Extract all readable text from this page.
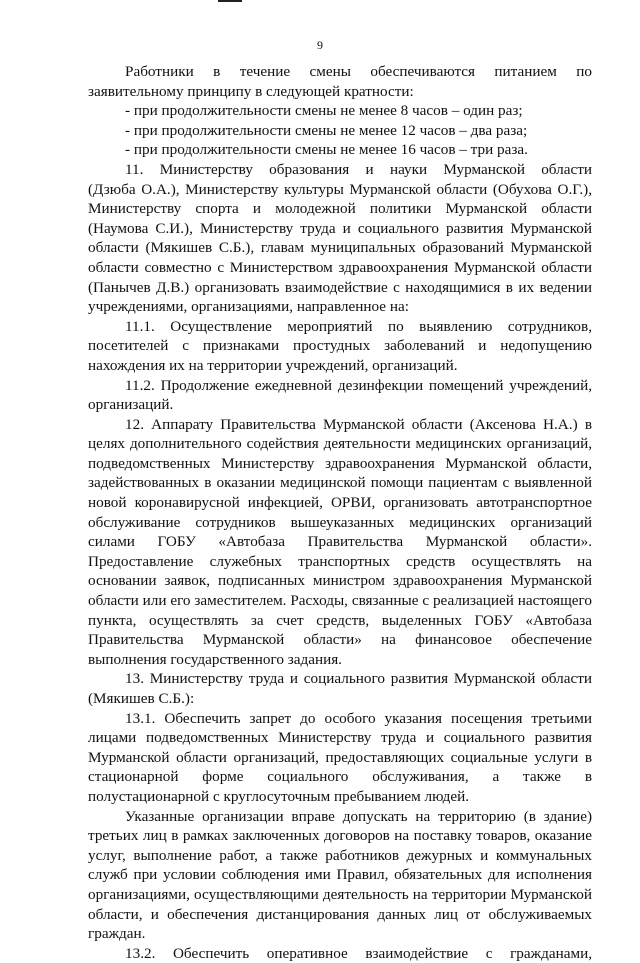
9
Работники в течение смены обеспечиваются питанием по
заявительному принципу в следующей кратности:
- при продолжительности смены не менее 8 часов – один раз;
- при продолжительности смены не менее 12 часов – два раза;
- при продолжительности смены не менее 16 часов – три раза.
11. Министерству образования и науки Мурманской области
(Дзюба О.А.), Министерству культуры Мурманской области (Обухова О.Г.),
Министерству спорта и молодежной политики Мурманской области
(Наумова С.И.), Министерству труда и социального развития Мурманской
области (Мякишев С.Б.), главам муниципальных образований Мурманской
области совместно с Министерством здравоохранения Мурманской области
(Панычев Д.В.) организовать взаимодействие с находящимися в их ведении
учреждениями, организациями, направленное на:
11.1. Осуществление мероприятий по выявлению сотрудников,
посетителей с признаками простудных заболеваний и недопущению
нахождения их на территории учреждений, организаций.
11.2. Продолжение ежедневной дезинфекции помещений учреждений,
организаций.
12. Аппарату Правительства Мурманской области (Аксенова Н.А.) в
целях дополнительного содействия деятельности медицинских организаций,
подведомственных Министерству здравоохранения Мурманской области,
задействованных в оказании медицинской помощи пациентам с выявленной
новой коронавирусной инфекцией, ОРВИ, организовать автотранспортное
обслуживание сотрудников вышеуказанных медицинских организаций
силами ГОБУ «Автобаза Правительства Мурманской области».
Предоставление служебных транспортных средств осуществлять на
основании заявок, подписанных министром здравоохранения Мурманской
области или его заместителем. Расходы, связанные с реализацией настоящего
пункта, осуществлять за счет средств, выделенных ГОБУ «Автобаза
Правительства Мурманской области» на финансовое обеспечение
выполнения государственного задания.
13. Министерству труда и социального развития Мурманской области
(Мякишев С.Б.):
13.1. Обеспечить запрет до особого указания посещения третьими
лицами подведомственных Министерству труда и социального развития
Мурманской области организаций, предоставляющих социальные услуги в
стационарной форме социального обслуживания, а также в
полустационарной с круглосуточным пребыванием людей.
Указанные организации вправе допускать на территорию (в здание)
третьих лиц в рамках заключенных договоров на поставку товаров, оказание
услуг, выполнение работ, а также работников дежурных и коммунальных
служб при условии соблюдения ими Правил, обязательных для исполнения
организациями, осуществляющими деятельность на территории Мурманской
области, и обеспечения дистанцирования данных лиц от обслуживаемых
граждан.
13.2. Обеспечить оперативное взаимодействие с гражданами,
